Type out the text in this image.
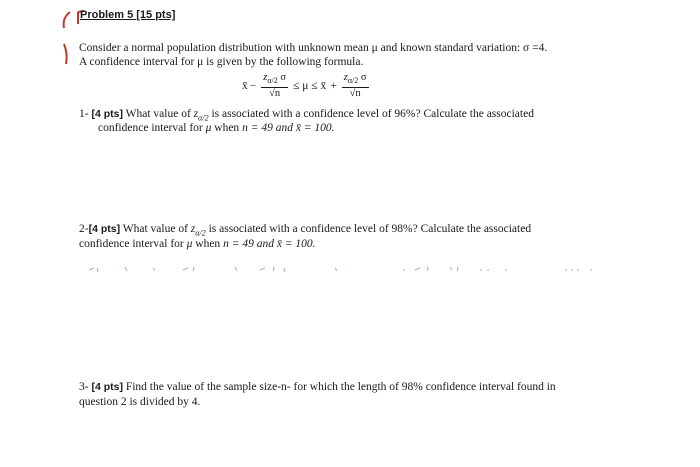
Problem 5 [15 pts]
Consider a normal population distribution with unknown mean μ and known standard variation: σ =4.
A confidence interval for μ is given by the following formula.
x̄ − $\frac{z_{\alpha/2} \sigma}{√n} \le \mu$ ≤ x̄ + $\frac{z_{\alpha/2} \sigma}{√n}$
1- [4 pts] What value of $z_{\alpha/2}$ is associated with a confidence level of 96%? Calculate the associated
confidence interval for μ when n = 49 and x̄ = 100.
2-[4 pts] What value of $z_{\alpha/2}$ is associated with a confidence level of 98%? Calculate the associated
confidence interval for μ when n = 49 and x̄ = 100.
3- [4 pts] Find the value of the sample size-n- for which the length of 98% confidence interval found in
question 2 is divided by 4.
